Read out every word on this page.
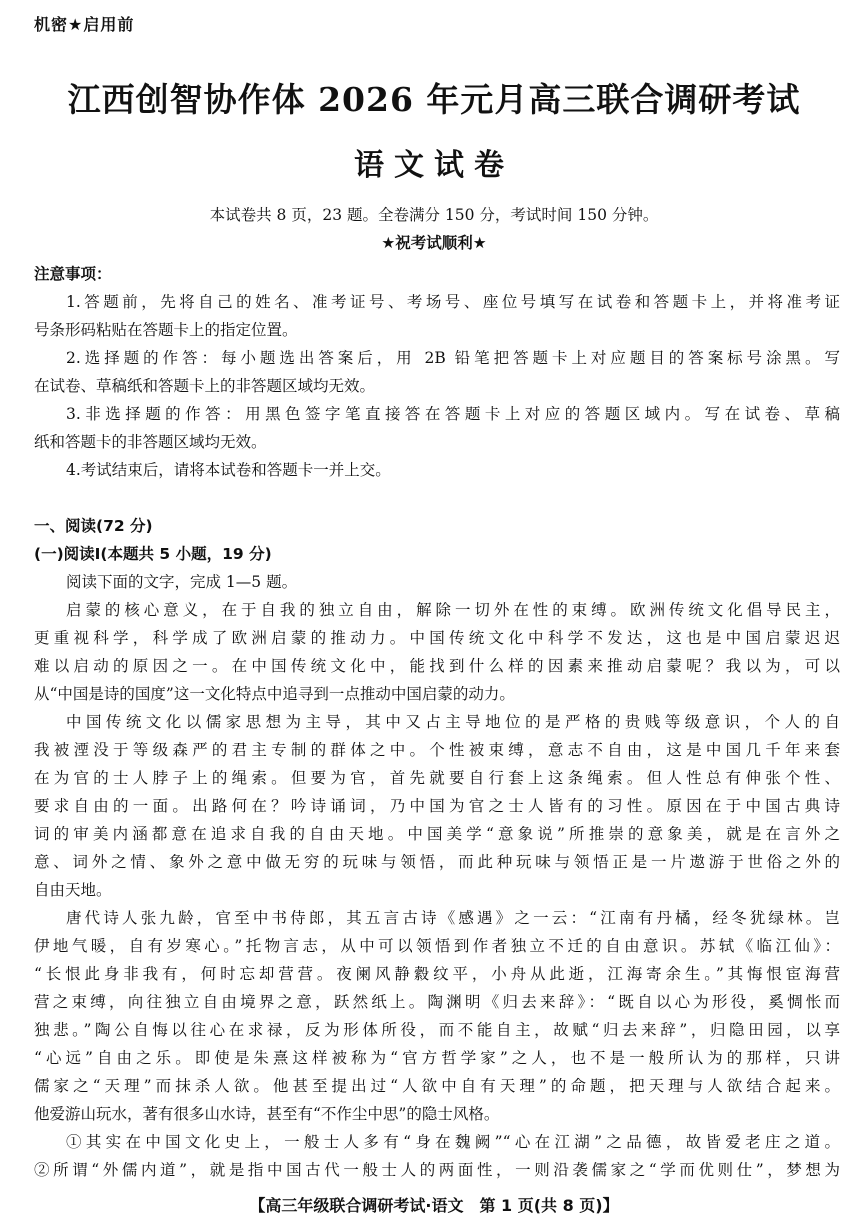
机密★启用前
江西创智协作体 2026 年元月高三联合调研考试
语文试卷
本试卷共 8 页，23 题。全卷满分 150 分，考试时间 150 分钟。
★祝考试顺利★
注意事项：
1.答题前，先将自己的姓名、准考证号、考场号、座位号填写在试卷和答题卡上，并将准考证
号条形码粘贴在答题卡上的指定位置。
2.选择题的作答：每小题选出答案后，用 2B 铅笔把答题卡上对应题目的答案标号涂黑。写
在试卷、草稿纸和答题卡上的非答题区域均无效。
3.非选择题的作答：用黑色签字笔直接答在答题卡上对应的答题区域内。写在试卷、草稿
纸和答题卡的非答题区域均无效。
4.考试结束后，请将本试卷和答题卡一并上交。
一、阅读(72 分)
(一)阅读Ⅰ(本题共 5 小题，19 分)
阅读下面的文字，完成 1—5 题。
启蒙的核心意义，在于自我的独立自由，解除一切外在性的束缚。欧洲传统文化倡导民主，
更重视科学，科学成了欧洲启蒙的推动力。中国传统文化中科学不发达，这也是中国启蒙迟迟
难以启动的原因之一。在中国传统文化中，能找到什么样的因素来推动启蒙呢？我以为，可以
从“中国是诗的国度”这一文化特点中追寻到一点推动中国启蒙的动力。
中国传统文化以儒家思想为主导，其中又占主导地位的是严格的贵贱等级意识，个人的自
我被湮没于等级森严的君主专制的群体之中。个性被束缚，意志不自由，这是中国几千年来套
在为官的士人脖子上的绳索。但要为官，首先就要自行套上这条绳索。但人性总有伸张个性、
要求自由的一面。出路何在？吟诗诵词，乃中国为官之士人皆有的习性。原因在于中国古典诗
词的审美内涵都意在追求自我的自由天地。中国美学“意象说”所推崇的意象美，就是在言外之
意、词外之情、象外之意中做无穷的玩味与领悟，而此种玩味与领悟正是一片遨游于世俗之外的
自由天地。
唐代诗人张九龄，官至中书侍郎，其五言古诗《感遇》之一云：“江南有丹橘，经冬犹绿林。岂
伊地气暖，自有岁寒心。”托物言志，从中可以领悟到作者独立不迁的自由意识。苏轼《临江仙》：
“长恨此身非我有，何时忘却营营。夜阑风静縠纹平，小舟从此逝，江海寄余生。”其悔恨宦海营
营之束缚，向往独立自由境界之意，跃然纸上。陶渊明《归去来辞》：“既自以心为形役，奚惆怅而
独悲。”陶公自悔以往心在求禄，反为形体所役，而不能自主，故赋“归去来辞”，归隐田园，以享
“心远”自由之乐。即使是朱熹这样被称为“官方哲学家”之人，也不是一般所认为的那样，只讲
儒家之“天理”而抹杀人欲。他甚至提出过“人欲中自有天理”的命题，把天理与人欲结合起来。
他爱游山玩水，著有很多山水诗，甚至有“不作尘中思”的隐士风格。
①其实在中国文化史上，一般士人多有“身在魏阙”“心在江湖”之品德，故皆爱老庄之道。
②所谓“外儒内道”，就是指中国古代一般士人的两面性，一则沿袭儒家之“学而优则仕”，梦想为
【高三年级联合调研考试·语文　第 1 页(共 8 页)】
